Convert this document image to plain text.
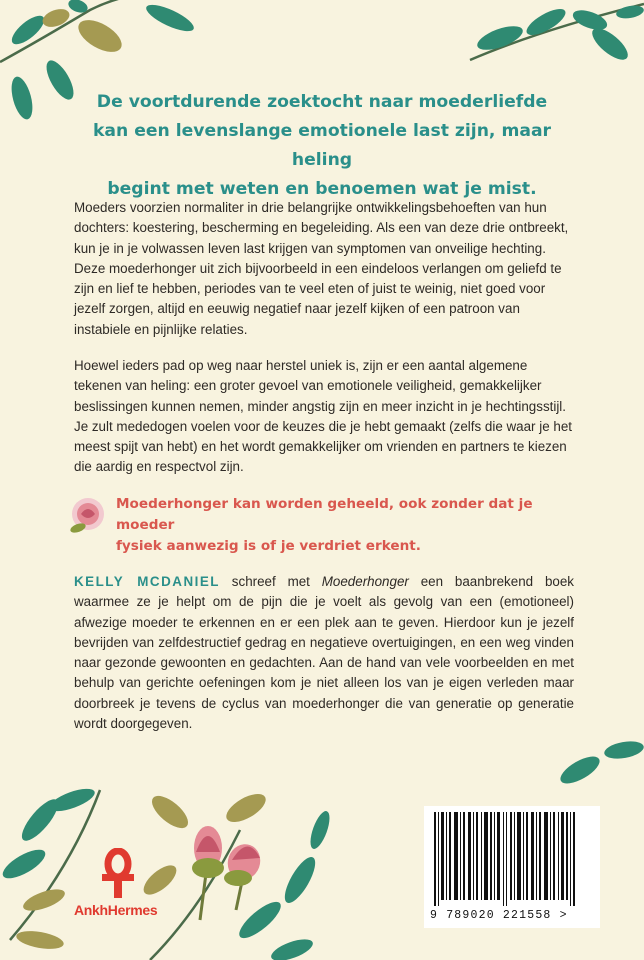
De voortdurende zoektocht naar moederliefde
kan een levenslange emotionele last zijn, maar heling
begint met weten en benoemen wat je mist.

Moeders voorzien normaliter in drie belangrijke ontwikkelingsbehoeften van hun dochters: koestering, bescherming en begeleiding. Als een van deze drie ontbreekt, kun je in je volwassen leven last krijgen van symptomen van onveilige hechting. Deze moederhonger uit zich bijvoorbeeld in een eindeloos verlangen om geliefd te zijn en lief te hebben, periodes van te veel eten of juist te weinig, niet goed voor jezelf zorgen, altijd en eeuwig negatief naar jezelf kijken of een patroon van instabiele en pijnlijke relaties.

Hoewel ieders pad op weg naar herstel uniek is, zijn er een aantal algemene tekenen van heling: een groter gevoel van emotionele veiligheid, gemakkelijker beslissingen kunnen nemen, minder angstig zijn en meer inzicht in je hechtingsstijl. Je zult mededogen voelen voor de keuzes die je hebt gemaakt (zelfs die waar je het meest spijt van hebt) en het wordt gemakkelijker om vrienden en partners te kiezen die aardig en respectvol zijn.

Moederhonger kan worden geheeld, ook zonder dat je moeder
fysiek aanwezig is of je verdriet erkent.

KELLY MCDANIEL schreef met Moederhonger een baanbrekend boek waarmee ze je helpt om de pijn die je voelt als gevolg van een (emotioneel) afwezige moeder te erkennen en er een plek aan te geven. Hierdoor kun je jezelf bevrijden van zelfdestructief gedrag en negatieve overtuigingen, en een weg vinden naar gezonde gewoonten en gedachten. Aan de hand van vele voorbeelden en met behulp van gerichte oefeningen kom je niet alleen los van je eigen verleden maar doorbreek je tevens de cyclus van moederhonger die van generatie op generatie wordt doorgegeven.

AnkhHermes	9 789020 221558 >
